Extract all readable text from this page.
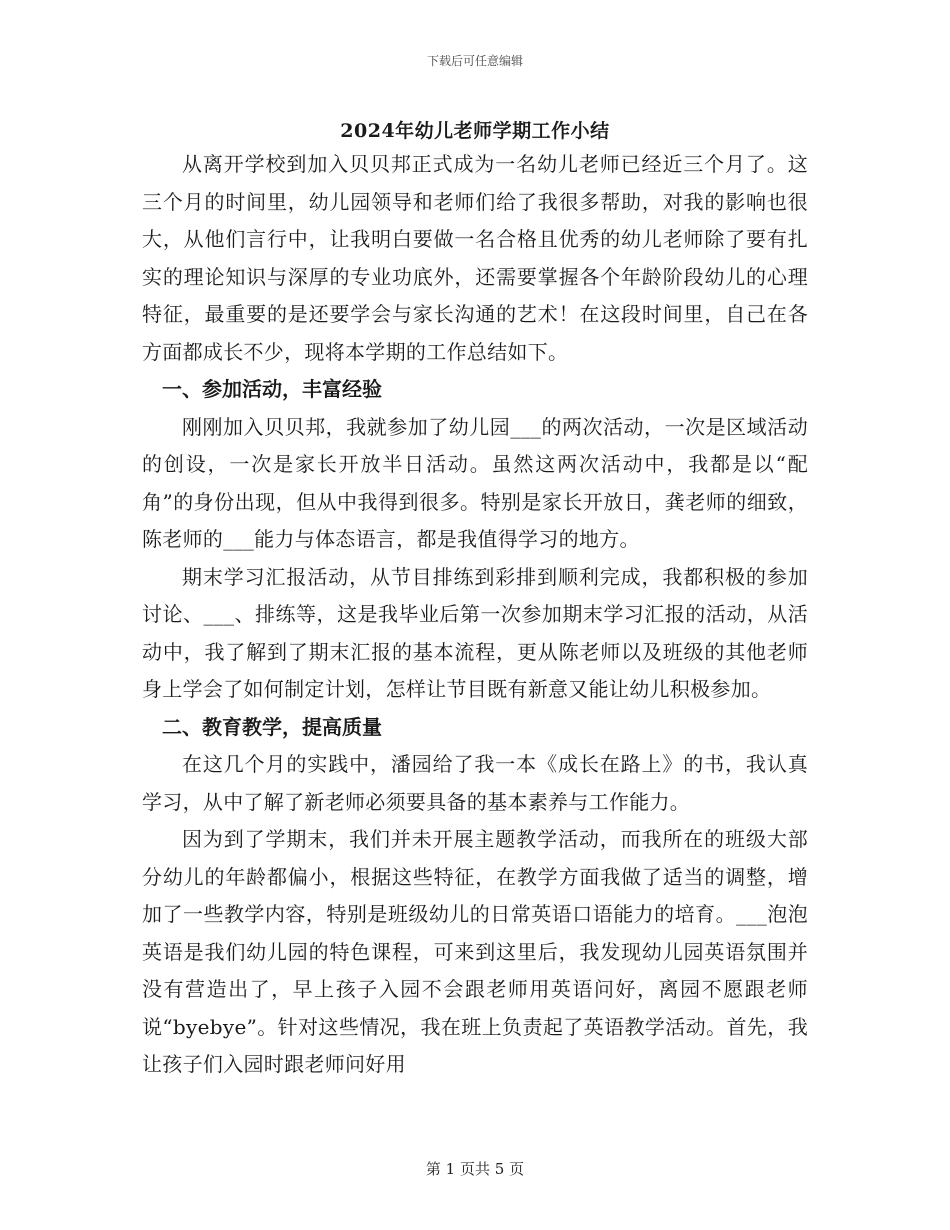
下载后可任意编辑
2024年幼儿老师学期工作小结

从离开学校到加入贝贝邦正式成为一名幼儿老师已经近三个月了。这三个月的时间里，幼儿园领导和老师们给了我很多帮助，对我的影响也很大，从他们言行中，让我明白要做一名合格且优秀的幼儿老师除了要有扎实的理论知识与深厚的专业功底外，还需要掌握各个年龄阶段幼儿的心理特征，最重要的是还要学会与家长沟通的艺术！在这段时间里，自己在各方面都成长不少，现将本学期的工作总结如下。

一、参加活动，丰富经验

刚刚加入贝贝邦，我就参加了幼儿园___的两次活动，一次是区域活动的创设，一次是家长开放半日活动。虽然这两次活动中，我都是以“配角”的身份出现，但从中我得到很多。特别是家长开放日，龚老师的细致，陈老师的___能力与体态语言，都是我值得学习的地方。

期末学习汇报活动，从节目排练到彩排到顺利完成，我都积极的参加讨论、___、排练等，这是我毕业后第一次参加期末学习汇报的活动，从活动中，我了解到了期末汇报的基本流程，更从陈老师以及班级的其他老师身上学会了如何制定计划，怎样让节目既有新意又能让幼儿积极参加。

二、教育教学，提高质量

在这几个月的实践中，潘园给了我一本《成长在路上》的书，我认真学习，从中了解了新老师必须要具备的基本素养与工作能力。

因为到了学期末，我们并未开展主题教学活动，而我所在的班级大部分幼儿的年龄都偏小，根据这些特征，在教学方面我做了适当的调整，增加了一些教学内容，特别是班级幼儿的日常英语口语能力的培育。___泡泡英语是我们幼儿园的特色课程，可来到这里后，我发现幼儿园英语氛围并没有营造出了，早上孩子入园不会跟老师用英语问好，离园不愿跟老师说“byebye”。针对这些情况，我在班上负责起了英语教学活动。首先，我让孩子们入园时跟老师问好用

第 1 页共 5 页
